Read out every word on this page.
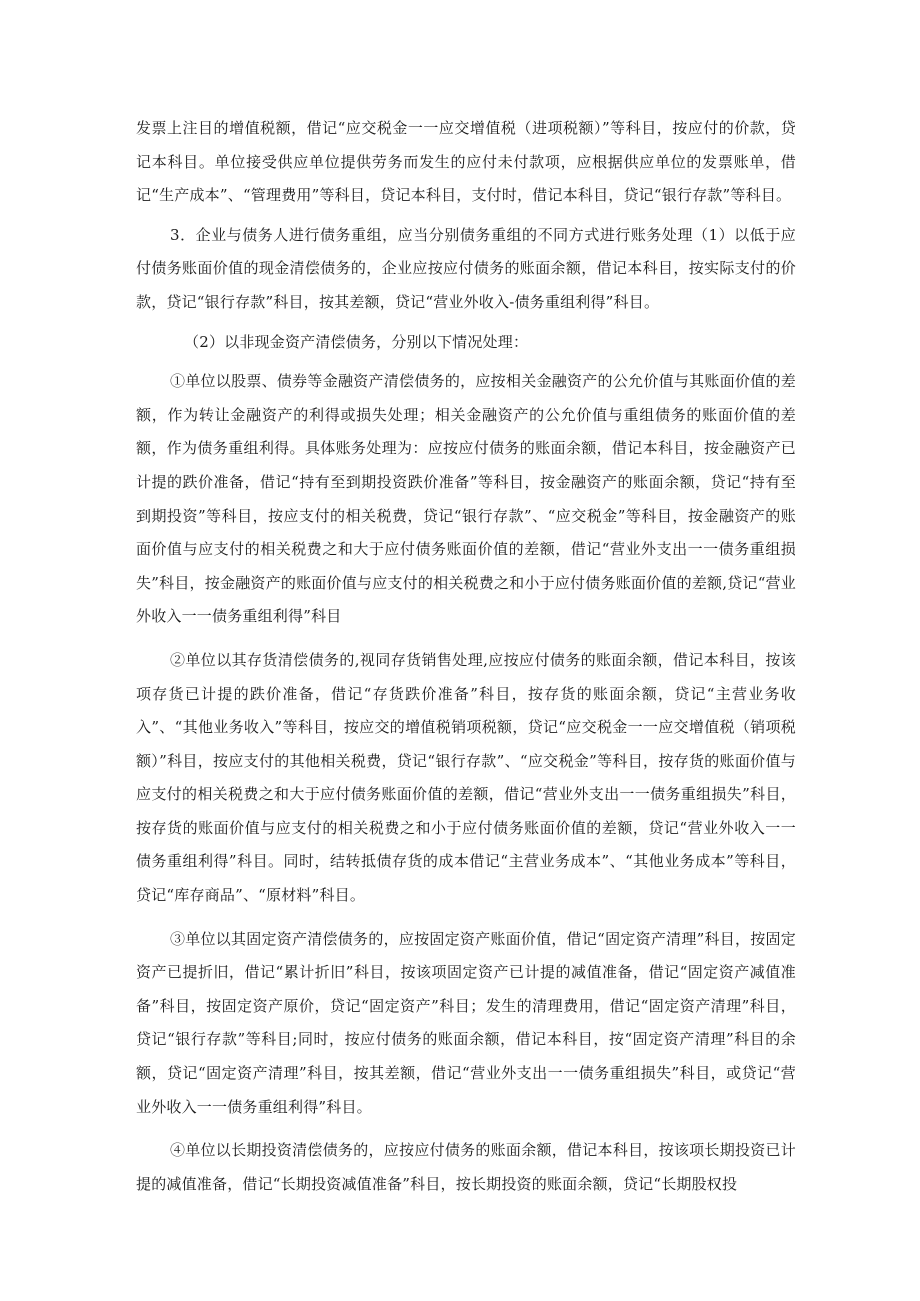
发票上注目的增值税额，借记“应交税金一一应交增值税（进项税额）”等科目，按应付的价款，贷记本科目。单位接受供应单位提供劳务而发生的应付未付款项，应根据供应单位的发票账单，借记“生产成本”、“管理费用”等科目，贷记本科目，支付时，借记本科目，贷记“银行存款”等科目。

3．企业与债务人进行债务重组，应当分别债务重组的不同方式进行账务处理（1）以低于应付债务账面价值的现金清偿债务的，企业应按应付债务的账面余额，借记本科目，按实际支付的价款，贷记“银行存款”科目，按其差额，贷记“营业外收入-债务重组利得”科目。

（2）以非现金资产清偿债务，分别以下情况处理：

①单位以股票、债券等金融资产清偿债务的，应按相关金融资产的公允价值与其账面价值的差额，作为转让金融资产的利得或损失处理；相关金融资产的公允价值与重组债务的账面价值的差额，作为债务重组利得。具体账务处理为：应按应付债务的账面余额，借记本科目，按金融资产已计提的跌价准备，借记“持有至到期投资跌价准备”等科目，按金融资产的账面余额，贷记“持有至到期投资”等科目，按应支付的相关税费，贷记“银行存款”、“应交税金”等科目，按金融资产的账面价值与应支付的相关税费之和大于应付债务账面价值的差额，借记“营业外支出一一债务重组损失”科目，按金融资产的账面价值与应支付的相关税费之和小于应付债务账面价值的差额,贷记“营业外收入一一债务重组利得”科目

②单位以其存货清偿债务的,视同存货销售处理,应按应付债务的账面余额，借记本科目，按该项存货已计提的跌价准备，借记“存货跌价准备”科目，按存货的账面余额，贷记“主营业务收入”、“其他业务收入”等科目，按应交的增值税销项税额，贷记“应交税金一一应交增值税（销项税额）”科目，按应支付的其他相关税费，贷记“银行存款”、“应交税金”等科目，按存货的账面价值与应支付的相关税费之和大于应付债务账面价值的差额，借记“营业外支出一一债务重组损失”科目，按存货的账面价值与应支付的相关税费之和小于应付债务账面价值的差额，贷记“营业外收入一一债务重组利得”科目。同时，结转抵债存货的成本借记“主营业务成本”、“其他业务成本”等科目，贷记“库存商品”、“原材料”科目。

③单位以其固定资产清偿债务的，应按固定资产账面价值，借记“固定资产清理”科目，按固定资产已提折旧，借记“累计折旧”科目，按该项固定资产已计提的减值准备，借记“固定资产减值准备”科目，按固定资产原价，贷记“固定资产”科目；发生的清理费用，借记“固定资产清理”科目，贷记“银行存款”等科目;同时，按应付债务的账面余额，借记本科目，按“固定资产清理”科目的余额，贷记“固定资产清理”科目，按其差额，借记“营业外支出一一债务重组损失”科目，或贷记“营业外收入一一债务重组利得”科目。

④单位以长期投资清偿债务的，应按应付债务的账面余额，借记本科目，按该项长期投资已计提的减值准备，借记“长期投资减值准备”科目，按长期投资的账面余额，贷记“长期股权投
